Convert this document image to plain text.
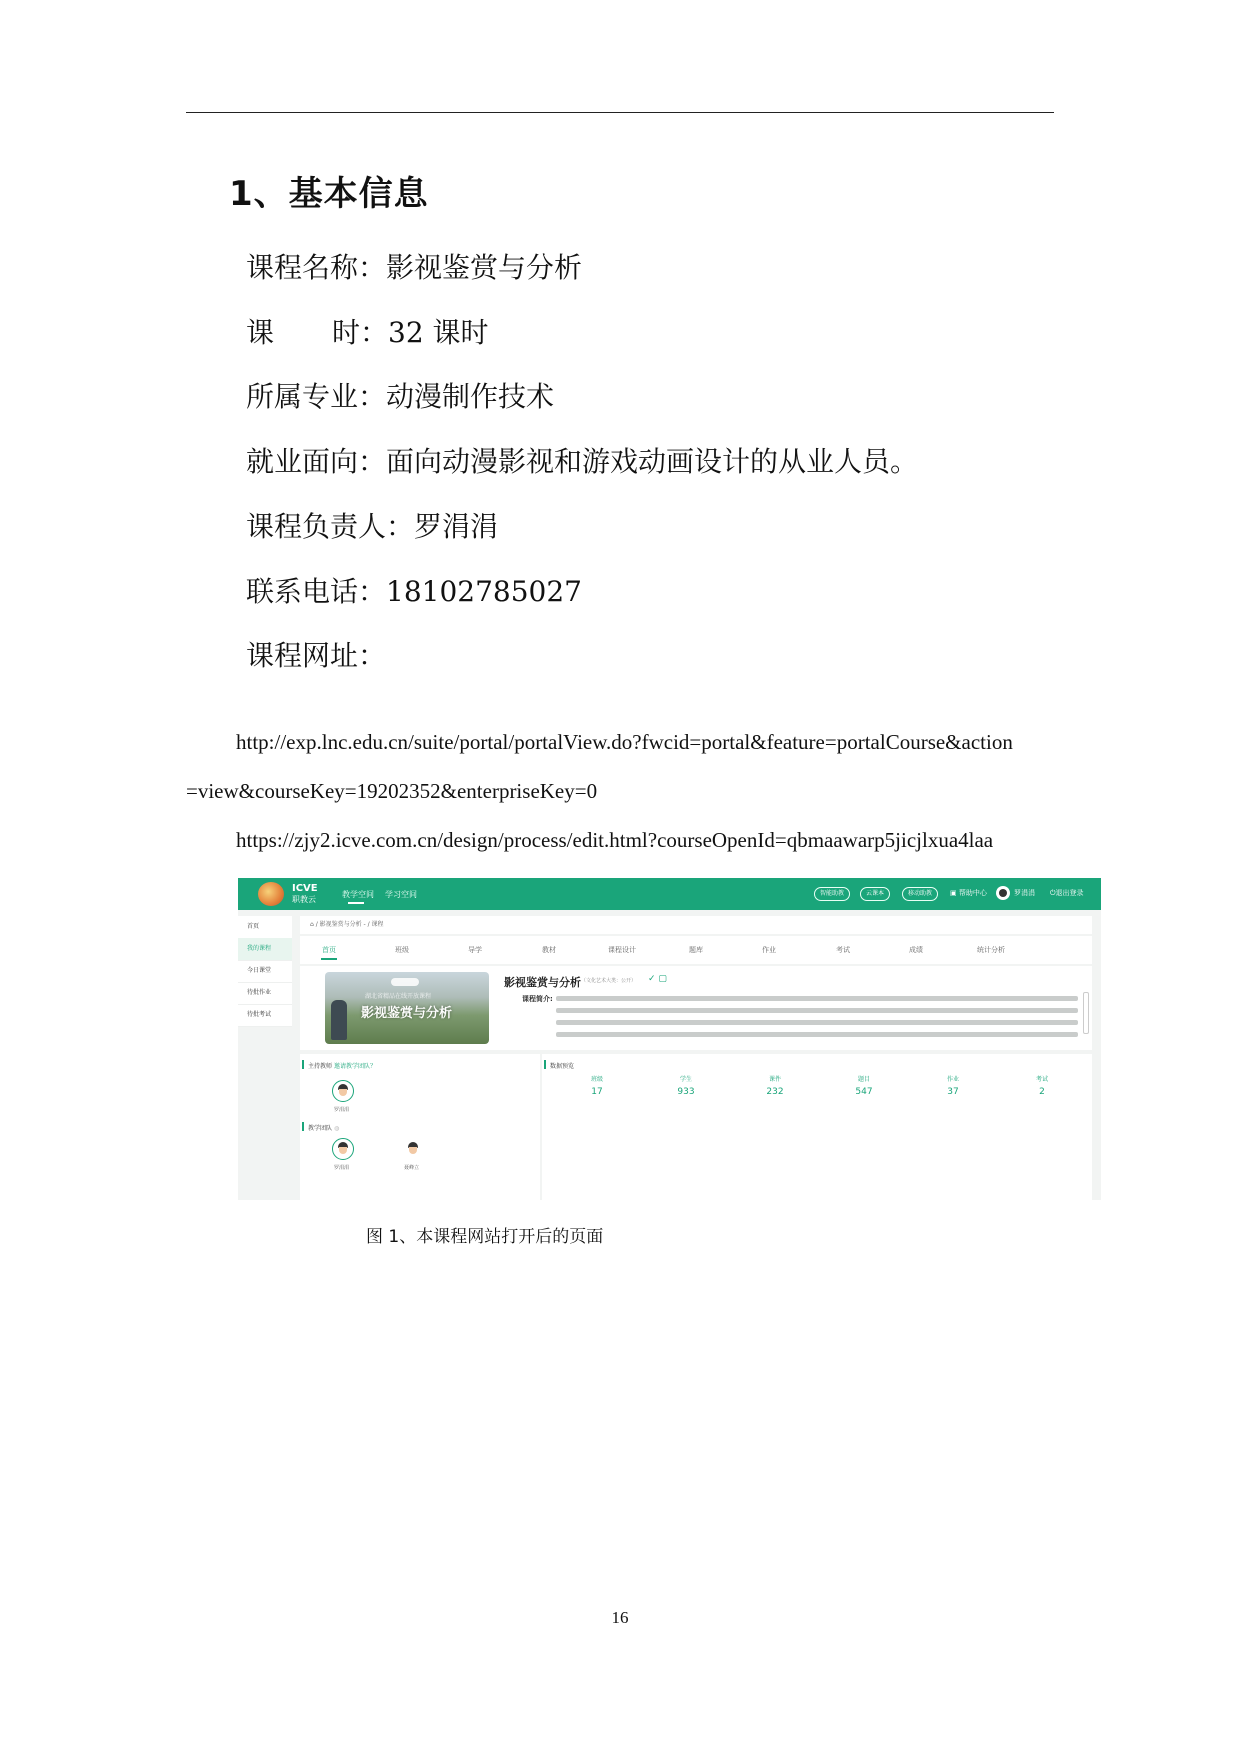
1、基本信息
课程名称：影视鉴赏与分析
课 时：32 课时
所属专业：动漫制作技术
就业面向：面向动漫影视和游戏动画设计的从业人员。
课程负责人：罗涓涓
联系电话：18102785027
课程网址：
http://exp.lnc.edu.cn/suite/portal/portalView.do?fwcid=portal&feature=portalCourse&action
=view&courseKey=19202352&enterpriseKey=0
https://zjy2.icve.com.cn/design/process/edit.html?courseOpenId=qbmaawarp5jicjlxua4laa
ICVE
职教云
教学空间 学习空间	智能助教	云课本	移动助教	▣ 帮助中心	罗涓涓 ⏻退出登录
首页
我的课程
今日课堂
待批作业
待批考试
⌂ / 影视鉴赏与分析 - / 课程
首页	班级	导学	教材	课程设计	题库	作业	考试	成绩	统计分析
湖北省精品在线开放课程
影视鉴赏与分析
影视鉴赏与分析 （文化艺术大类：公开） ✓ ▢
课程简介:
主持教师 邀请教学团队？
罗涓涓
教学团队 ◍
罗涓涓	聂峰立
数据预览
班级
17
学生
933
课件
232
题目
547
作业
37
考试
2
图 1、本课程网站打开后的页面
16
